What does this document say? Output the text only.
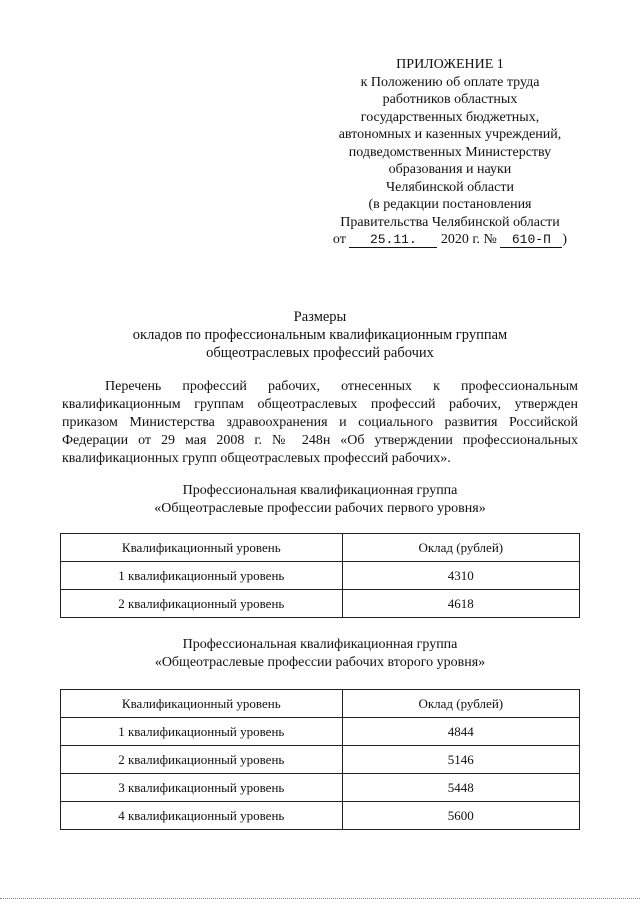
ПРИЛОЖЕНИЕ 1
к Положению об оплате труда
работников областных
государственных бюджетных,
автономных и казенных учреждений,
подведомственных Министерству
образования и науки
Челябинской области
(в редакции постановления
Правительства Челябинской области
от 25.11. 2020 г. № 610-П )
Размеры
окладов по профессиональным квалификационным группам
общеотраслевых профессий рабочих
Перечень профессий рабочих, отнесенных к профессиональным квалификационным группам общеотраслевых профессий рабочих, утвержден приказом Министерства здравоохранения и социального развития Российской Федерации от 29 мая 2008 г. № 248н «Об утверждении профессиональных квалификационных групп общеотраслевых профессий рабочих».
Профессиональная квалификационная группа
«Общеотраслевые профессии рабочих первого уровня»
Квалификационный уровень	Оклад (рублей)
1 квалификационный уровень	4310
2 квалификационный уровень	4618
Профессиональная квалификационная группа
«Общеотраслевые профессии рабочих второго уровня»
Квалификационный уровень	Оклад (рублей)
1 квалификационный уровень	4844
2 квалификационный уровень	5146
3 квалификационный уровень	5448
4 квалификационный уровень	5600
